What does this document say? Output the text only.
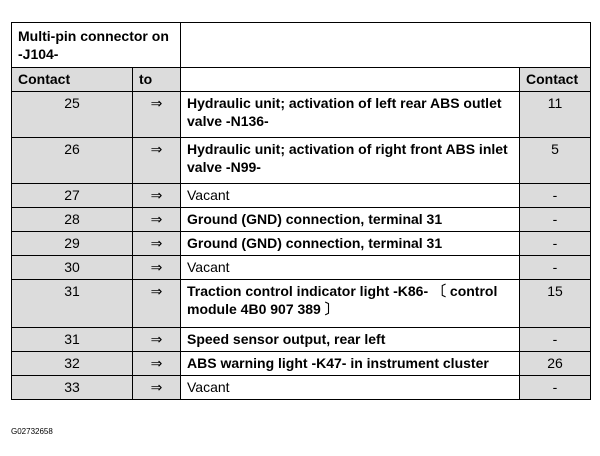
Multi-pin connector on
-J104-			
Contact	to		Contact
25	⇒	Hydraulic unit; activation of left rear ABS outlet valve -N136-	11
26	⇒	Hydraulic unit; activation of right front ABS inlet valve -N99-	5
27	⇒	Vacant	-
28	⇒	Ground (GND) connection, terminal 31	-
29	⇒	Ground (GND) connection, terminal 31	-
30	⇒	Vacant	-
31	⇒	Traction control indicator light -K86- 〔 control module 4B0 907 389 〕	15
31	⇒	Speed sensor output, rear left	-
32	⇒	ABS warning light -K47- in instrument cluster	26
33	⇒	Vacant	-
G02732658
